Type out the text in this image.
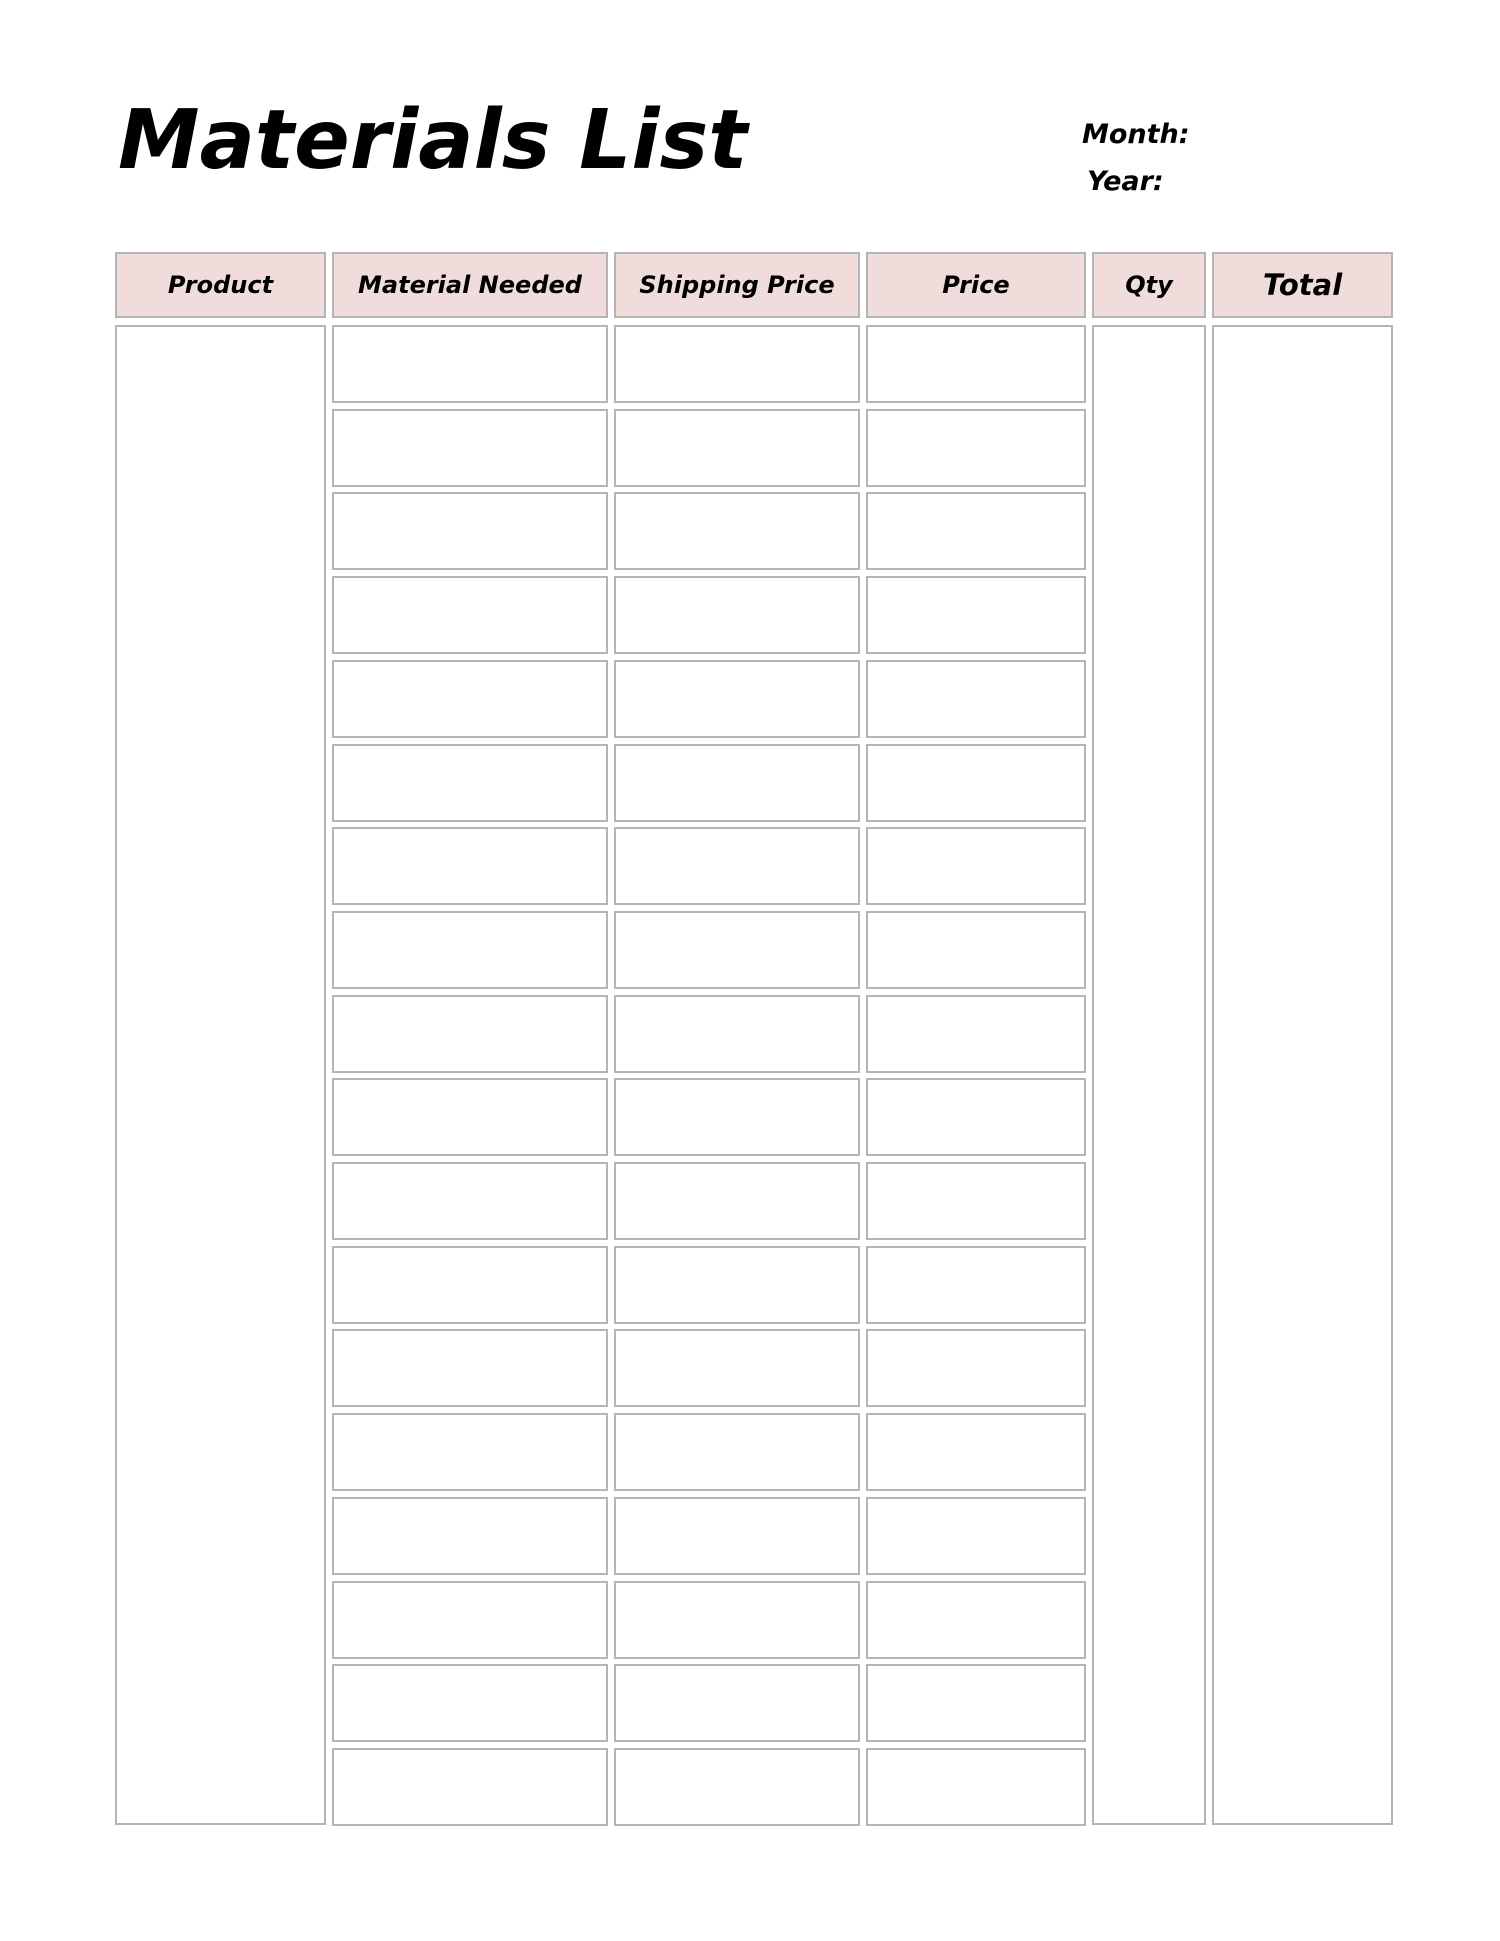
Materials List	Month:
Year:
Product	Material Needed	Shipping Price	Price	Qty	Total
